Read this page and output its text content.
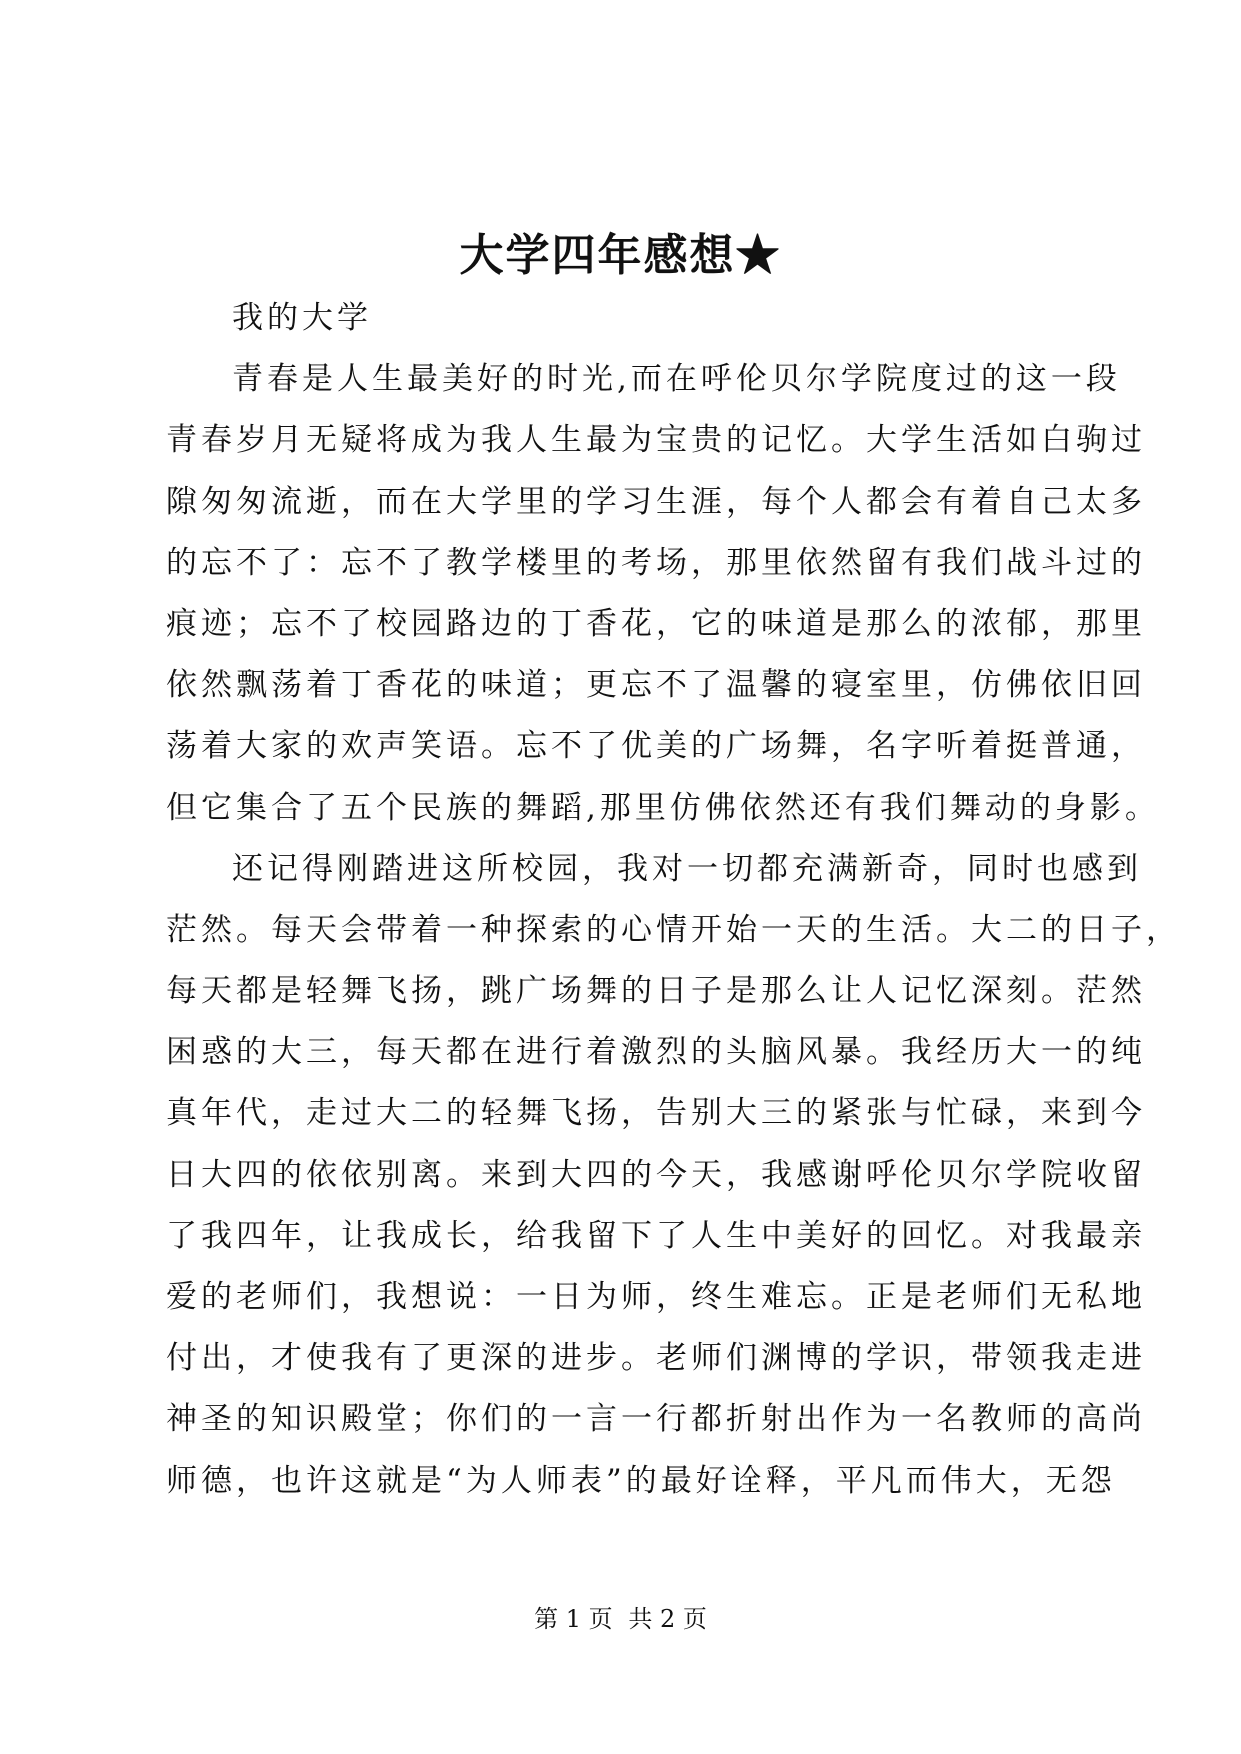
大学四年感想★
我的大学
青春是人生最美好的时光,而在呼伦贝尔学院度过的这一段
青春岁月无疑将成为我人生最为宝贵的记忆。大学生活如白驹过
隙匆匆流逝，而在大学里的学习生涯，每个人都会有着自己太多
的忘不了：忘不了教学楼里的考场，那里依然留有我们战斗过的
痕迹；忘不了校园路边的丁香花，它的味道是那么的浓郁，那里
依然飘荡着丁香花的味道；更忘不了温馨的寝室里，仿佛依旧回
荡着大家的欢声笑语。忘不了优美的广场舞，名字听着挺普通，
但它集合了五个民族的舞蹈,那里仿佛依然还有我们舞动的身影。
还记得刚踏进这所校园，我对一切都充满新奇，同时也感到
茫然。每天会带着一种探索的心情开始一天的生活。大二的日子，
每天都是轻舞飞扬，跳广场舞的日子是那么让人记忆深刻。茫然
困惑的大三，每天都在进行着激烈的头脑风暴。我经历大一的纯
真年代，走过大二的轻舞飞扬，告别大三的紧张与忙碌，来到今
日大四的依依别离。来到大四的今天，我感谢呼伦贝尔学院收留
了我四年，让我成长，给我留下了人生中美好的回忆。对我最亲
爱的老师们，我想说：一日为师，终生难忘。正是老师们无私地
付出，才使我有了更深的进步。老师们渊博的学识，带领我走进
神圣的知识殿堂；你们的一言一行都折射出作为一名教师的高尚
师德，也许这就是“为人师表”的最好诠释，平凡而伟大，无怨
第 1 页 共 2 页
